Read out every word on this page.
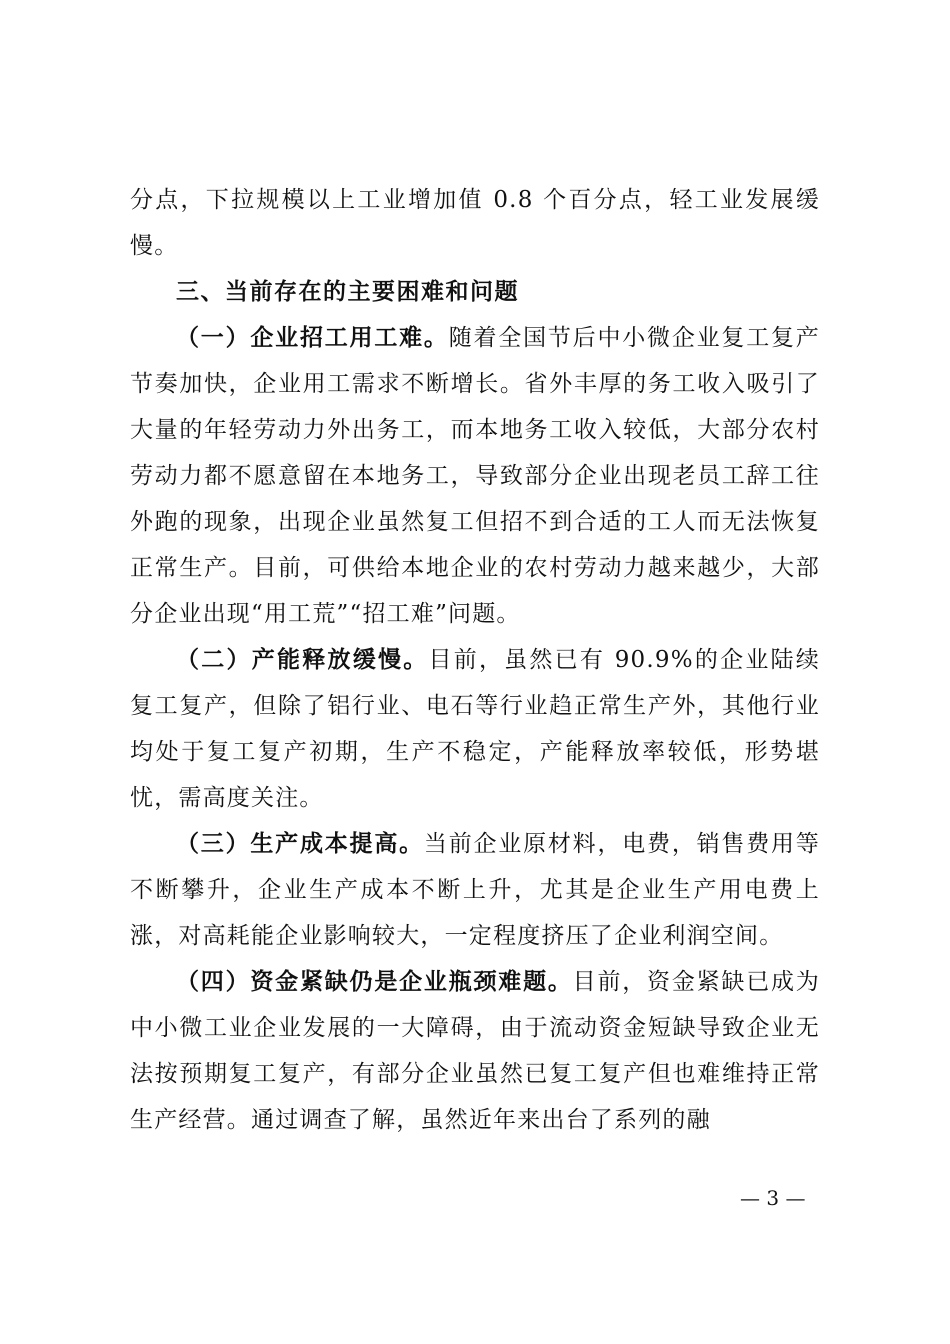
分点，下拉规模以上工业增加值 0.8 个百分点，轻工业发展缓慢。
三、当前存在的主要困难和问题
（一）企业招工用工难。随着全国节后中小微企业复工复产节奏加快，企业用工需求不断增长。省外丰厚的务工收入吸引了大量的年轻劳动力外出务工，而本地务工收入较低，大部分农村劳动力都不愿意留在本地务工，导致部分企业出现老员工辞工往外跑的现象，出现企业虽然复工但招不到合适的工人而无法恢复正常生产。目前，可供给本地企业的农村劳动力越来越少，大部分企业出现“用工荒”“招工难”问题。
（二）产能释放缓慢。目前，虽然已有 90.9%的企业陆续复工复产，但除了铝行业、电石等行业趋正常生产外，其他行业均处于复工复产初期，生产不稳定，产能释放率较低，形势堪忧，需高度关注。
（三）生产成本提高。当前企业原材料，电费，销售费用等不断攀升，企业生产成本不断上升，尤其是企业生产用电费上涨，对高耗能企业影响较大，一定程度挤压了企业利润空间。
（四）资金紧缺仍是企业瓶颈难题。目前，资金紧缺已成为中小微工业企业发展的一大障碍，由于流动资金短缺导致企业无法按预期复工复产，有部分企业虽然已复工复产但也难维持正常生产经营。通过调查了解，虽然近年来出台了系列的融
— 3 —
